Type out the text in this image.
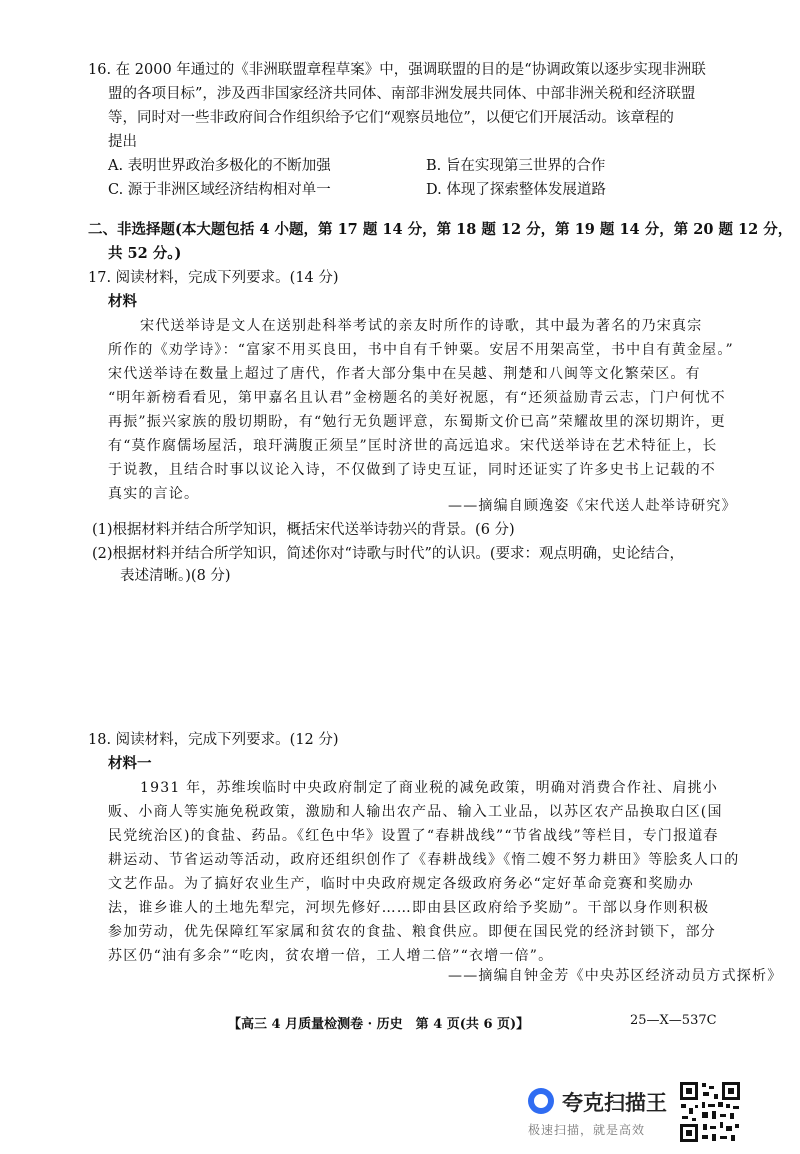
16. 在 2000 年通过的《非洲联盟章程草案》中，强调联盟的目的是“协调政策以逐步实现非洲联
盟的各项目标”，涉及西非国家经济共同体、南部非洲发展共同体、中部非洲关税和经济联盟
等，同时对一些非政府间合作组织给予它们“观察员地位”，以便它们开展活动。该章程的
提出
A. 表明世界政治多极化的不断加强	B. 旨在实现第三世界的合作
C. 源于非洲区域经济结构相对单一	D. 体现了探索整体发展道路
二、非选择题(本大题包括 4 小题，第 17 题 14 分，第 18 题 12 分，第 19 题 14 分，第 20 题 12 分，
共 52 分。)
17. 阅读材料，完成下列要求。(14 分)
材料
宋代送举诗是文人在送别赴科举考试的亲友时所作的诗歌，其中最为著名的乃宋真宗
所作的《劝学诗》：“富家不用买良田，书中自有千钟粟。安居不用架高堂，书中自有黄金屋。”
宋代送举诗在数量上超过了唐代，作者大部分集中在吴越、荆楚和八闽等文化繁荣区。有
“明年新榜看看见，第甲嘉名且认君”金榜题名的美好祝愿，有“还须益励青云志，门户何忧不
再振”振兴家族的殷切期盼，有“勉行无负题评意，东蜀斯文价已高”荣耀故里的深切期许，更
有“莫作腐儒场屋活，琅玕满腹正须呈”匡时济世的高远追求。宋代送举诗在艺术特征上，长
于说教，且结合时事以议论入诗，不仅做到了诗史互证，同时还证实了许多史书上记载的不
真实的言论。
——摘编自顾逸姿《宋代送人赴举诗研究》
(1)根据材料并结合所学知识，概括宋代送举诗勃兴的背景。(6 分)
(2)根据材料并结合所学知识，简述你对“诗歌与时代”的认识。(要求：观点明确，史论结合，
表述清晰。)(8 分)
18. 阅读材料，完成下列要求。(12 分)
材料一
1931 年，苏维埃临时中央政府制定了商业税的减免政策，明确对消费合作社、肩挑小
贩、小商人等实施免税政策，激励和人输出农产品、输入工业品，以苏区农产品换取白区(国
民党统治区)的食盐、药品。《红色中华》设置了“春耕战线”“节省战线”等栏目，专门报道春
耕运动、节省运动等活动，政府还组织创作了《春耕战线》《惰二嫂不努力耕田》等脍炙人口的
文艺作品。为了搞好农业生产，临时中央政府规定各级政府务必“定好革命竞赛和奖励办
法，谁乡谁人的土地先犁完，河坝先修好……即由县区政府给予奖励”。干部以身作则积极
参加劳动，优先保障红军家属和贫农的食盐、粮食供应。即便在国民党的经济封锁下，部分
苏区仍“油有多余”“吃肉，贫农增一倍，工人增二倍”“衣增一倍”。
——摘编自钟金芳《中央苏区经济动员方式探析》
【高三 4 月质量检测卷 · 历史　第 4 页(共 6 页)】	25—X—537C
夸克扫描王
极速扫描，就是高效
